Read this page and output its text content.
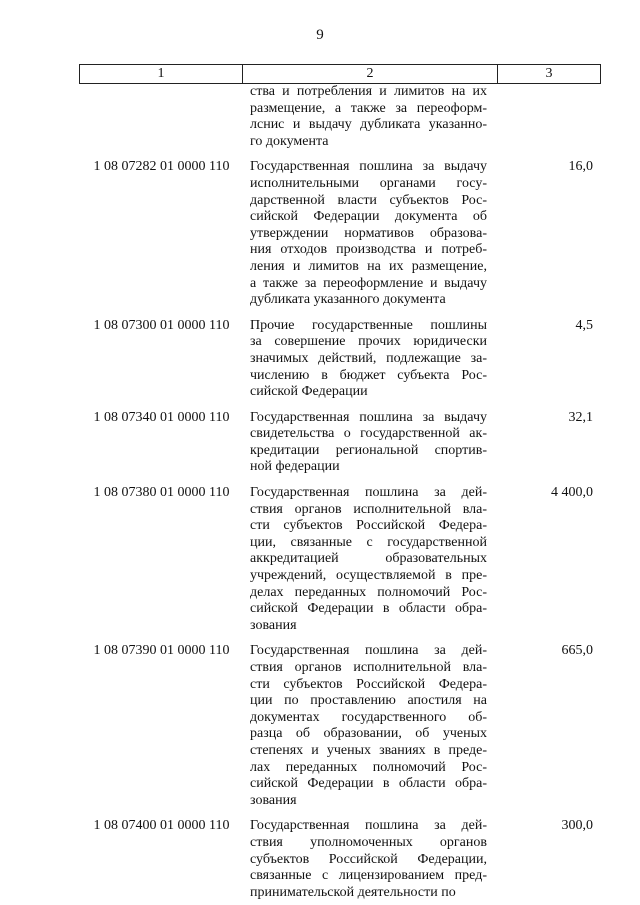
9
1	2	3
ства и потребления и лимитов на их
размещение, а также за переоформ-
лснис и выдачу дубликата указанно-
го документа
1 08 07282 01 0000 110	Государственная пошлина за выдачу
исполнительными органами госу-
дарственной власти субъектов Рос-
сийской Федерации документа об
утверждении нормативов образова-
ния отходов производства и потреб-
ления и лимитов на их размещение,
а также за переоформление и выдачу
дубликата указанного документа
16,0
1 08 07300 01 0000 110	Прочие государственные пошлины
за совершение прочих юридически
значимых действий, подлежащие за-
числению в бюджет субъекта Рос-
сийской Федерации
4,5
1 08 07340 01 0000 110	Государственная пошлина за выдачу
свидетельства о государственной ак-
кредитации региональной спортив-
ной федерации
32,1
1 08 07380 01 0000 110	Государственная пошлина за дей-
ствия органов исполнительной вла-
сти субъектов Российской Федера-
ции, связанные с государственной
аккредитацией образовательных
учреждений, осуществляемой в пре-
делах переданных полномочий Рос-
сийской Федерации в области обра-
зования
4 400,0
1 08 07390 01 0000 110	Государственная пошлина за дей-
ствия органов исполнительной вла-
сти субъектов Российской Федера-
ции по проставлению апостиля на
документах государственного об-
разца об образовании, об ученых
степенях и ученых званиях в преде-
лах переданных полномочий Рос-
сийской Федерации в области обра-
зования
665,0
1 08 07400 01 0000 110	Государственная пошлина за дей-
ствия уполномоченных органов
субъектов Российской Федерации,
связанные с лицензированием пред-
принимательской деятельности по
300,0
